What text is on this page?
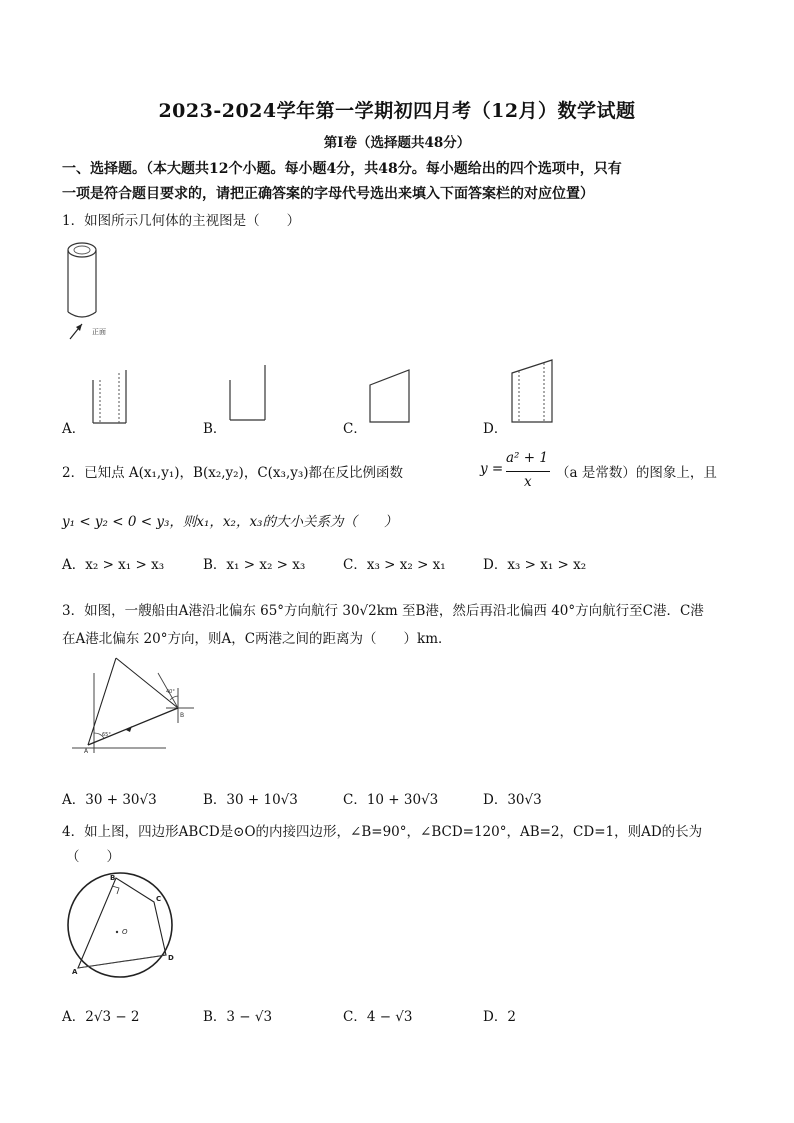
2023-2024学年第一学期初四月考（12月）数学试题
第Ⅰ卷（选择题共48分）
一、选择题。（本大题共12个小题。每小题4分，共48分。每小题给出的四个选项中，只有
一项是符合题目要求的，请把正确答案的字母代号选出来填入下面答案栏的对应位置）
1．如图所示几何体的主视图是（　　）
正面
A．	B．	C．	D．
2．已知点 A(x₁,y₁)，B(x₂,y₂)，C(x₃,y₃)都在反比例函数	y =
a² + 1
x
（a 是常数）的图象上，且
y₁ < y₂ < 0 < y₃，则x₁，x₂，x₃的大小关系为（　　）
A．x₂ > x₁ > x₃	B．x₁ > x₂ > x₃	C．x₃ > x₂ > x₁	D．x₃ > x₁ > x₂
3．如图，一艘船由A港沿北偏东 65°方向航行 30√2km 至B港，然后再沿北偏西 40°方向航行至C港．C港
在A港北偏东 20°方向，则A，C两港之间的距离为（　　）km．
A
B
65°
40°
A．30 + 30√3	B．30 + 10√3	C．10 + 30√3	D．30√3
4．如上图，四边形ABCD是⊙O的内接四边形，∠B=90°，∠BCD=120°，AB=2，CD=1，则AD的长为
（　　）
A
B
C
D
O
A．2√3 − 2	B．3 − √3	C．4 − √3	D．2
